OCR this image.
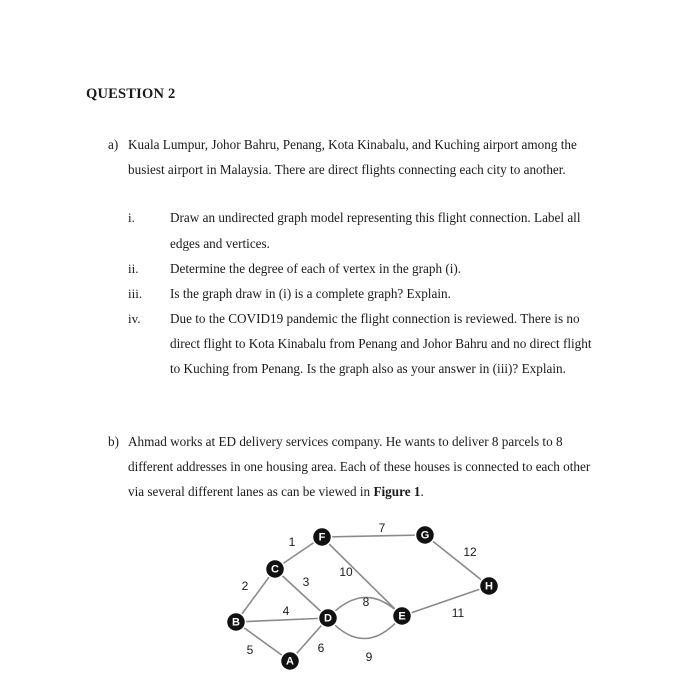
QUESTION 2
a) Kuala Lumpur, Johor Bahru, Penang, Kota Kinabalu, and Kuching airport among the
busiest airport in Malaysia. There are direct flights connecting each city to another.
i.	Draw an undirected graph model representing this flight connection. Label all
edges and vertices.
ii. Determine the degree of each of vertex in the graph (i).
iii. Is the graph draw in (i) is a complete graph? Explain.
iv. Due to the COVID19 pandemic the flight connection is reviewed. There is no
direct flight to Kota Kinabalu from Penang and Johor Bahru and no direct flight
to Kuching from Penang. Is the graph also as your answer in (iii)? Explain.
b) Ahmad works at ED delivery services company. He wants to deliver 8 parcels to 8
different addresses in one housing area. Each of these houses is connected to each other
via several different lanes as can be viewed in Figure 1.
2
1
3
4
5	6
7
8
9
10
11
12
A
B
C
D	E
F	G
H
